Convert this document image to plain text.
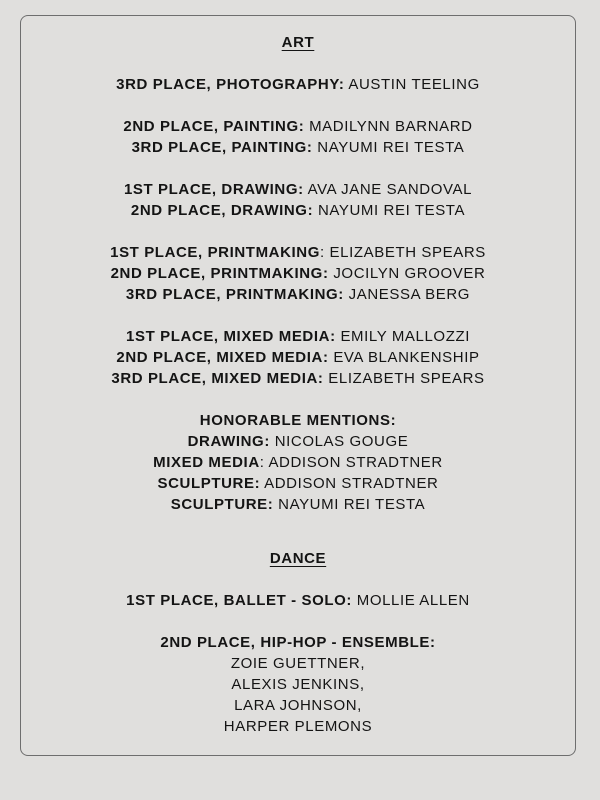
ART
3RD PLACE, PHOTOGRAPHY: AUSTIN TEELING
2ND PLACE, PAINTING: MADILYNN BARNARD
3RD PLACE, PAINTING: NAYUMI REI TESTA
1ST PLACE, DRAWING: AVA JANE SANDOVAL
2ND PLACE, DRAWING: NAYUMI REI TESTA
1ST PLACE, PRINTMAKING: ELIZABETH SPEARS
2ND PLACE, PRINTMAKING: JOCILYN GROOVER
3RD PLACE, PRINTMAKING: JANESSA BERG
1ST PLACE, MIXED MEDIA: EMILY MALLOZZI
2ND PLACE, MIXED MEDIA: EVA BLANKENSHIP
3RD PLACE, MIXED MEDIA: ELIZABETH SPEARS
HONORABLE MENTIONS:
DRAWING: NICOLAS GOUGE
MIXED MEDIA: ADDISON STRADTNER
SCULPTURE: ADDISON STRADTNER
SCULPTURE: NAYUMI REI TESTA
DANCE
1ST PLACE, BALLET - SOLO: MOLLIE ALLEN
2ND PLACE, HIP-HOP - ENSEMBLE:
ZOIE GUETTNER,
ALEXIS JENKINS,
LARA JOHNSON,
HARPER PLEMONS
